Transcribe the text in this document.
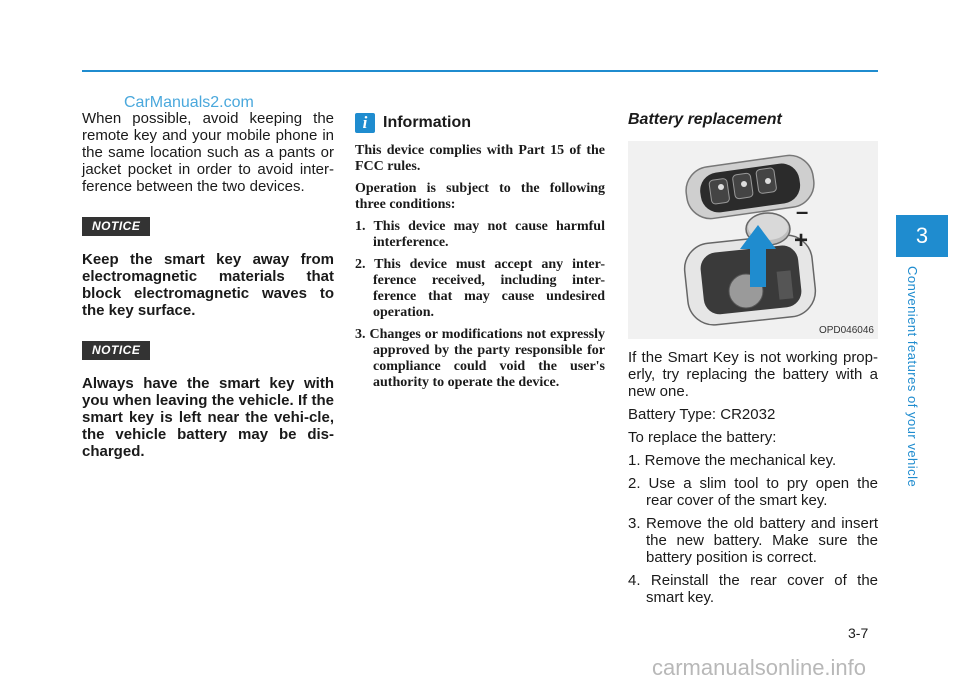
CarManuals2.com

When possible, avoid keeping the remote key and your mobile phone in the same location such as a pants or jacket pocket in order to avoid inter-ference between the two devices.

NOTICE

Keep the smart key away from electromagnetic materials that block electromagnetic waves to the key surface.

NOTICE

Always have the smart key with you when leaving the vehicle. If the smart key is left near the vehi-cle, the vehicle battery may be dis-charged.

i Information

This device complies with Part 15 of the FCC rules.

Operation is subject to the following three conditions:

1. This device may not cause harmful interference.
2. This device must accept any inter-ference received, including inter-ference that may cause undesired operation.
3. Changes or modifications not expressly approved by the party responsible for compliance could void the user's authority to operate the device.
Battery replacement
–
+
OPD046046

If the Smart Key is not working prop-erly, try replacing the battery with a new one.

Battery Type: CR2032

To replace the battery:

1. Remove the mechanical key.
2. Use a slim tool to pry open the rear cover of the smart key.
3. Remove the old battery and insert the new battery. Make sure the battery position is correct.
4. Reinstall the rear cover of the smart key.
3
Convenient features of your vehicle
3-7
carmanualsonline.info
